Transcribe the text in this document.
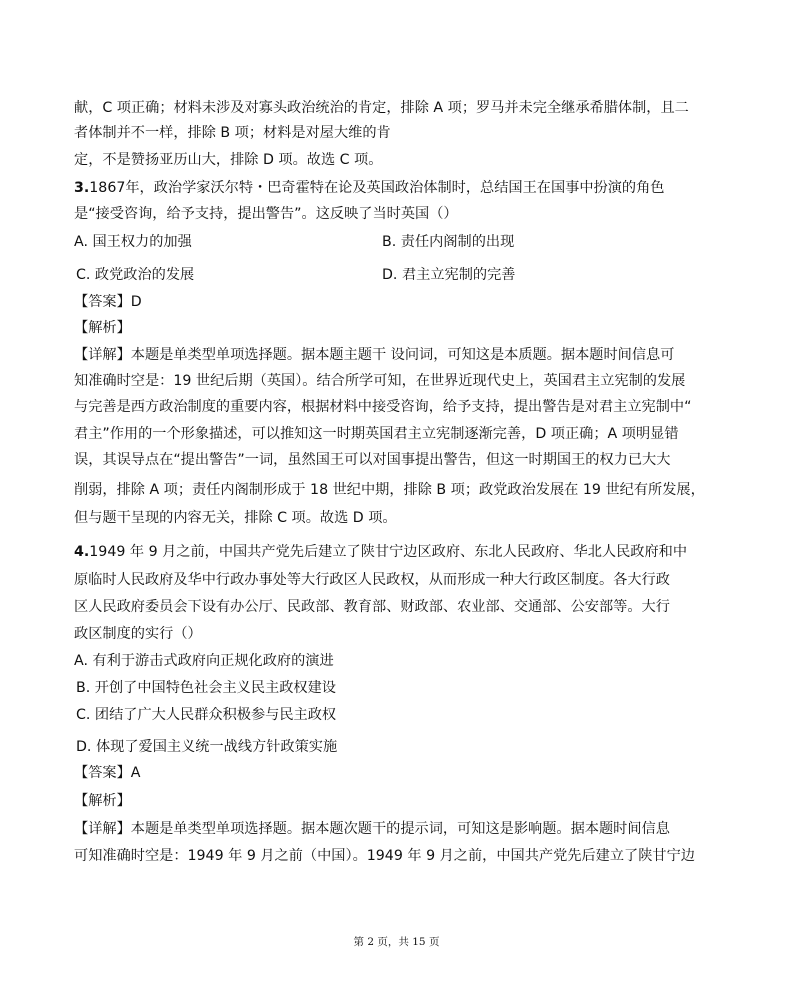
献，C 项正确；材料未涉及对寡头政治统治的肯定，排除 A 项；罗马并未完全继承希腊体制，且二
者体制并不一样，排除 B 项；材料是对屋大维的肯
定，不是赞扬亚历山大，排除 D 项。故选 C 项。
3.1867年，政治学家沃尔特・巴奇霍特在论及英国政治体制时，总结国王在国事中扮演的角色
是“接受咨询，给予支持，提出警告”。这反映了当时英国（）
A. 国王权力的加强	B. 责任内阁制的出现
C. 政党政治的发展	D. 君主立宪制的完善
【答案】D
【解析】
【详解】本题是单类型单项选择题。据本题主题干 设问词，可知这是本质题。据本题时间信息可
知准确时空是：19 世纪后期（英国）。结合所学可知，在世界近现代史上，英国君主立宪制的发展
与完善是西方政治制度的重要内容，根据材料中接受咨询，给予支持，提出警告是对君主立宪制中“
君主”作用的一个形象描述，可以推知这一时期英国君主立宪制逐渐完善，D 项正确；A 项明显错
误，其误导点在“提出警告”一词，虽然国王可以对国事提出警告，但这一时期国王的权力已大大
削弱，排除 A 项；责任内阁制形成于 18 世纪中期，排除 B 项；政党政治发展在 19 世纪有所发展，
但与题干呈现的内容无关，排除 C 项。故选 D 项。
4.1949 年 9 月之前，中国共产党先后建立了陕甘宁边区政府、东北人民政府、华北人民政府和中
原临时人民政府及华中行政办事处等大行政区人民政权，从而形成一种大行政区制度。各大行政
区人民政府委员会下设有办公厅、民政部、教育部、财政部、农业部、交通部、公安部等。大行
政区制度的实行（）
A. 有利于游击式政府向正规化政府的演进
B. 开创了中国特色社会主义民主政权建设
C. 团结了广大人民群众积极参与民主政权
D. 体现了爱国主义统一战线方针政策实施
【答案】A
【解析】
【详解】本题是单类型单项选择题。据本题次题干的提示词，可知这是影响题。据本题时间信息
可知准确时空是：1949 年 9 月之前（中国）。1949 年 9 月之前，中国共产党先后建立了陕甘宁边
第 2 页，共 15 页
